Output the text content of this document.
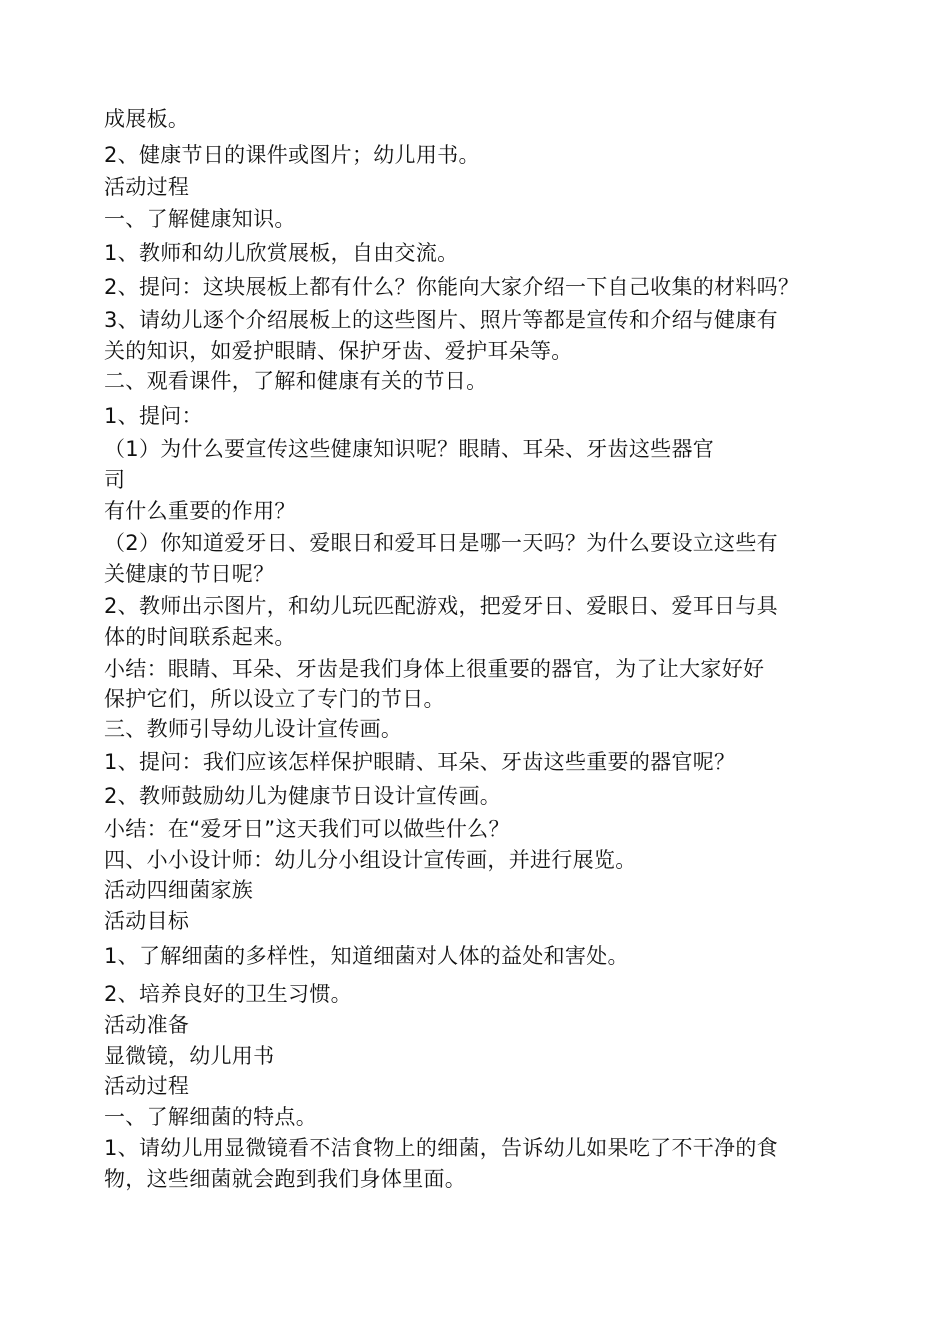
成展板。
2、健康节日的课件或图片；幼儿用书。
活动过程
一、了解健康知识。
1、教师和幼儿欣赏展板，自由交流。
2、提问：这块展板上都有什么？你能向大家介绍一下自己收集的材料吗？
3、请幼儿逐个介绍展板上的这些图片、照片等都是宣传和介绍与健康有
关的知识，如爱护眼睛、保护牙齿、爱护耳朵等。
二、观看课件，了解和健康有关的节日。
1、提问：
（1）为什么要宣传这些健康知识呢？眼睛、耳朵、牙齿这些器官
司
有什么重要的作用？
（2）你知道爱牙日、爱眼日和爱耳日是哪一天吗？为什么要设立这些有
关健康的节日呢？
2、教师出示图片，和幼儿玩匹配游戏，把爱牙日、爱眼日、爱耳日与具
体的时间联系起来。
小结：眼睛、耳朵、牙齿是我们身体上很重要的器官，为了让大家好好
保护它们，所以设立了专门的节日。
三、教师引导幼儿设计宣传画。
1、提问：我们应该怎样保护眼睛、耳朵、牙齿这些重要的器官呢？
2、教师鼓励幼儿为健康节日设计宣传画。
小结：在“爱牙日”这天我们可以做些什么？
四、小小设计师：幼儿分小组设计宣传画，并进行展览。
活动四细菌家族
活动目标
1、了解细菌的多样性，知道细菌对人体的益处和害处。
2、培养良好的卫生习惯。
活动准备
显微镜，幼儿用书
活动过程
一、了解细菌的特点。
1、请幼儿用显微镜看不洁食物上的细菌，告诉幼儿如果吃了不干净的食
物，这些细菌就会跑到我们身体里面。
